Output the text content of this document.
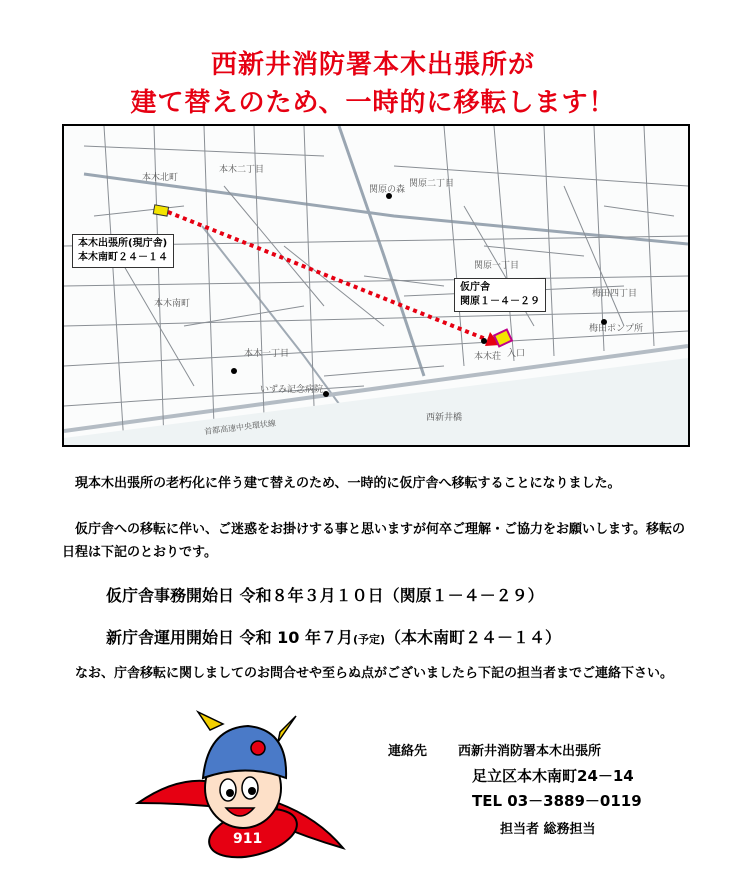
西新井消防署本木出張所が
建て替えのため、一時的に移転します！
本木二丁目
本木北町
関原の森
関原二丁目
関原一丁目
本木南町
本木一丁目
梅田四丁目
梅田ポンプ所
本木荘 入口
いずみ記念病院
西新井橋
首都高速中央環状線
本木出張所(現庁舎)
本木南町２４－１４
仮庁舎
関原１－４－２９
　現本木出張所の老朽化に伴う建て替えのため、一時的に仮庁舎へ移転することになりました。
　仮庁舎への移転に伴い、ご迷惑をお掛けする事と思いますが何卒ご理解・ご協力をお願いします。移転の日程は下記のとおりです。
仮庁舎事務開始日 令和８年３月１０日（関原１－４－２９）
新庁舎運用開始日 令和 10 年７月(予定)（本木南町２４－１４）
　なお、庁舎移転に関しましてのお問合せや至らぬ点がございましたら下記の担当者までご連絡下さい。
911
連絡先 西新井消防署本木出張所
足立区本木南町24－14
TEL 03－3889－0119
担当者 総務担当
